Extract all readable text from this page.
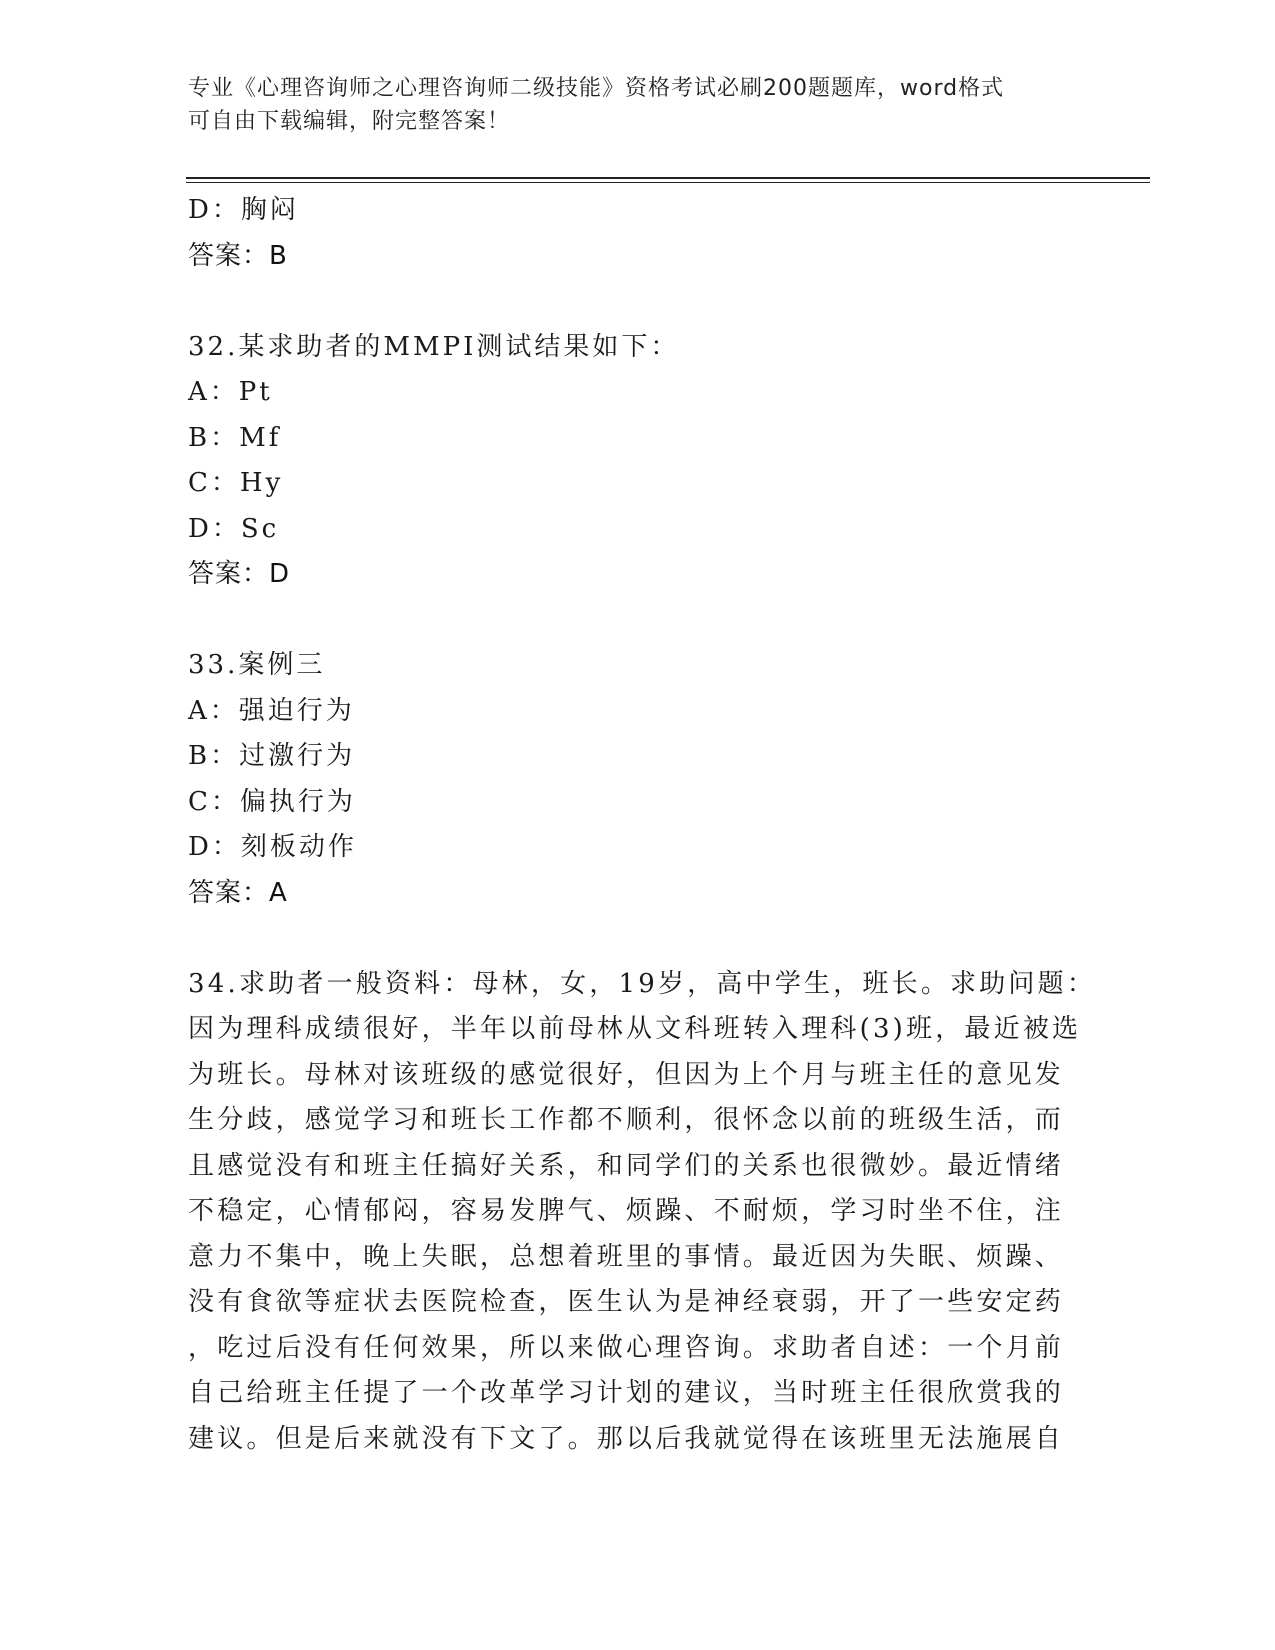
专业《心理咨询师之心理咨询师二级技能》资格考试必刷200题题库，word格式
可自由下载编辑，附完整答案！
D：胸闷
答案：B
32.某求助者的MMPI测试结果如下：
A：Pt
B：Mf
C：Hy
D：Sc
答案：D
33.案例三
A：强迫行为
B：过激行为
C：偏执行为
D：刻板动作
答案：A
34.求助者一般资料：母林，女，19岁，高中学生，班长。求助问题：
因为理科成绩很好，半年以前母林从文科班转入理科(3)班，最近被选
为班长。母林对该班级的感觉很好，但因为上个月与班主任的意见发
生分歧，感觉学习和班长工作都不顺利，很怀念以前的班级生活，而
且感觉没有和班主任搞好关系，和同学们的关系也很微妙。最近情绪
不稳定，心情郁闷，容易发脾气、烦躁、不耐烦，学习时坐不住，注
意力不集中，晚上失眠，总想着班里的事情。最近因为失眠、烦躁、
没有食欲等症状去医院检查，医生认为是神经衰弱，开了一些安定药
，吃过后没有任何效果，所以来做心理咨询。求助者自述：一个月前
自己给班主任提了一个改革学习计划的建议，当时班主任很欣赏我的
建议。但是后来就没有下文了。那以后我就觉得在该班里无法施展自
